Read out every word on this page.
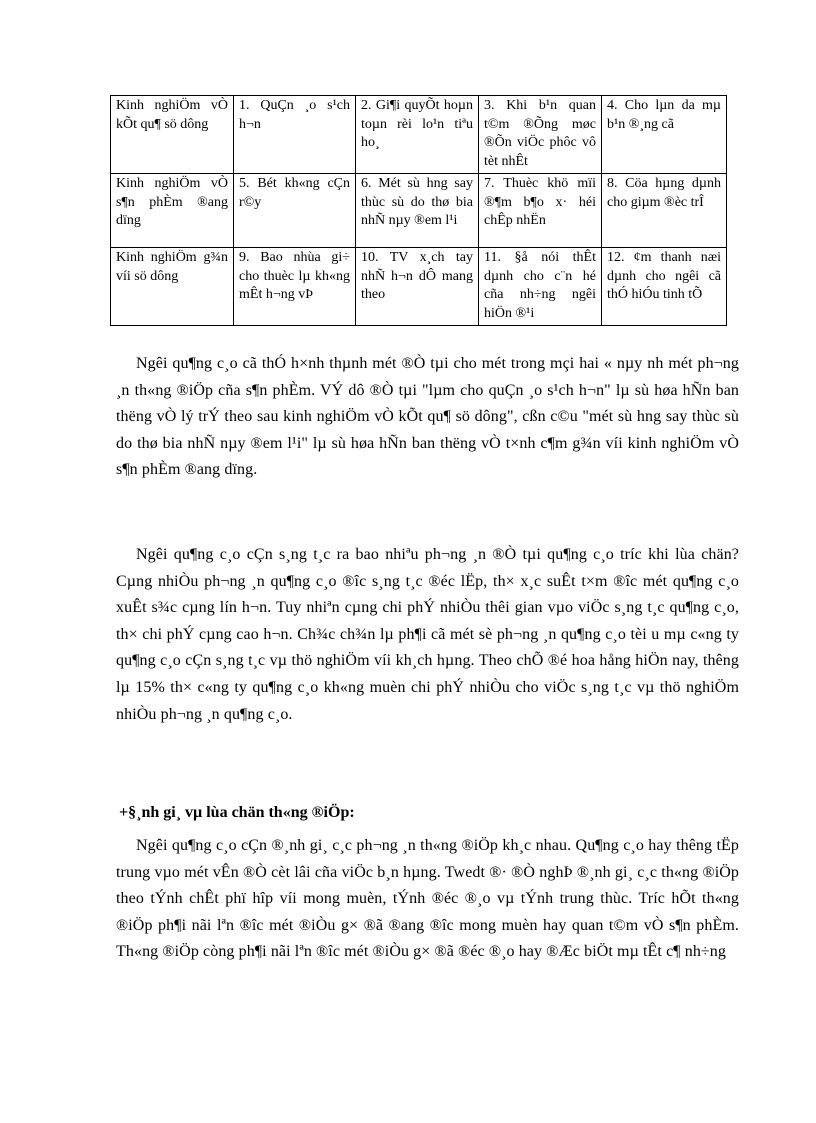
Kinh nghiÖm vÒ kÕt qu¶ sö dông	1. QuÇn ¸o s¹ch h¬n	2. Gi¶i quyÕt hoµn toµn rèi lo¹n tiªu ho¸	3. Khi b¹n quan t©m ®Õng møc ®Õn viÖc phôc vô tèt nhÊt	4. Cho lµn da mµ b¹n ®¸ng cã
Kinh nghiÖm vÒ s¶n phÈm ®ang dïng	5. Bét kh«ng cÇn r©y	6. Mét sù hng say thùc sù do thø bia nhÑ nµy ®em l¹i	7. Thuèc khö mïi ®¶m b¶o x· héi chÊp nhËn	8. Cöa hµng dµnh cho giµm ®èc trÎ
Kinh nghiÖm g¾n víi sö dông	9. Bao nhùa gi÷ cho thuèc lµ kh«ng mÊt h¬ng vÞ	10. TV x¸ch tay nhÑ h¬n dÔ mang theo	11. §å nói thÊt dµnh cho c¨n hé cña nh÷ng ngêi hiÖn ®¹i	12. ¢m thanh næi dµnh cho ngêi cã thÓ hiÓu tinh tÕ
Ngêi qu¶ng c¸o cã thÓ h×nh thµnh mét ®Ò tµi cho mét trong mçi hai « nµy nh mét ph¬ng ¸n th«ng ®iÖp cña s¶n phÈm. VÝ dô ®Ò tµi "lµm cho quÇn ¸o s¹ch h¬n" lµ sù høa hÑn ban thëng vÒ lý trÝ theo sau kinh nghiÖm vÒ kÕt qu¶ sö dông", cßn c©u "mét sù hng say thùc sù do thø bia nhÑ nµy ®em l¹i" lµ sù høa hÑn ban thëng vÒ t×nh c¶m g¾n víi kinh nghiÖm vÒ s¶n phÈm ®ang dïng.
Ngêi qu¶ng c¸o cÇn s¸ng t¸c ra bao nhiªu ph¬ng ¸n ®Ò tµi qu¶ng c¸o tríc khi lùa chän? Cµng nhiÒu ph¬ng ¸n qu¶ng c¸o ®îc s¸ng t¸c ®éc lËp, th× x¸c suÊt t×m ®îc mét qu¶ng c¸o xuÊt s¾c cµng lín h¬n. Tuy nhiªn cµng chi phÝ nhiÒu thêi gian vµo viÖc s¸ng t¸c qu¶ng c¸o, th× chi phÝ cµng cao h¬n. Ch¾c ch¾n lµ ph¶i cã mét sè ph¬ng ¸n qu¶ng c¸o tèi u mµ c«ng ty qu¶ng c¸o cÇn s¸ng t¸c vµ thö nghiÖm víi kh¸ch hµng. Theo chÕ ®é hoa hång hiÖn nay, thêng lµ 15% th× c«ng ty qu¶ng c¸o kh«ng muèn chi phÝ nhiÒu cho viÖc s¸ng t¸c vµ thö nghiÖm nhiÒu ph¬ng ¸n qu¶ng c¸o.
+§¸nh gi¸ vµ lùa chän th«ng ®iÖp:
Ngêi qu¶ng c¸o cÇn ®¸nh gi¸ c¸c ph¬ng ¸n th«ng ®iÖp kh¸c nhau. Qu¶ng c¸o hay thêng tËp trung vµo mét vÊn ®Ò cèt lâi cña viÖc b¸n hµng. Twedt ®· ®Ò nghÞ ®¸nh gi¸ c¸c th«ng ®iÖp theo tÝnh chÊt phï hîp víi mong muèn, tÝnh ®éc ®¸o vµ tÝnh trung thùc. Tríc hÕt th«ng ®iÖp ph¶i nãi lªn ®îc mét ®iÒu g× ®ã ®ang ®îc mong muèn hay quan t©m vÒ s¶n phÈm. Th«ng ®iÖp còng ph¶i nãi lªn ®îc mét ®iÒu g× ®ã ®éc ®¸o hay ®Æc biÖt mµ tÊt c¶ nh÷ng
